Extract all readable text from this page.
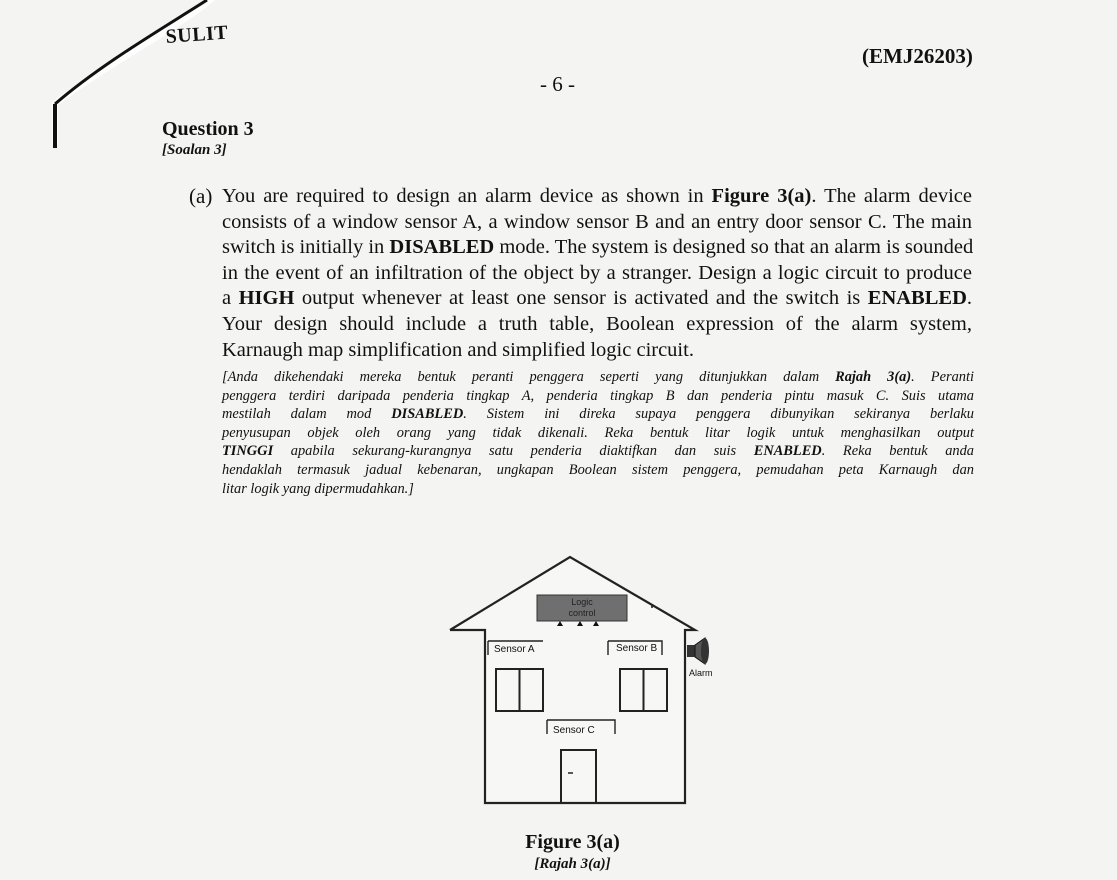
SULIT
(EMJ26203)
- 6 -
Question 3
[Soalan 3]
(a) You are required to design an alarm device as shown in Figure 3(a). The alarm device
consists of a window sensor A, a window sensor B and an entry door sensor C. The main
switch is initially in DISABLED mode. The system is designed so that an alarm is sounded
in the event of an infiltration of the object by a stranger. Design a logic circuit to produce
a HIGH output whenever at least one sensor is activated and the switch is ENABLED.
Your design should include a truth table, Boolean expression of the alarm system,
Karnaugh map simplification and simplified logic circuit.
[Anda dikehendaki mereka bentuk peranti penggera seperti yang ditunjukkan dalam Rajah 3(a). Peranti
penggera terdiri daripada penderia tingkap A, penderia tingkap B dan penderia pintu masuk C. Suis utama
mestilah dalam mod DISABLED. Sistem ini direka supaya penggera dibunyikan sekiranya berlaku
penyusupan objek oleh orang yang tidak dikenali. Reka bentuk litar logik untuk menghasilkan output
TINGGI apabila sekurang-kurangnya satu penderia diaktifkan dan suis ENABLED. Reka bentuk anda
hendaklah termasuk jadual kebenaran, ungkapan Boolean sistem penggera, pemudahan peta Karnaugh dan
litar logik yang dipermudahkan.]
Logic
control
Sensor A	Sensor B
Alarm
Sensor C
Figure 3(a)
[Rajah 3(a)]
